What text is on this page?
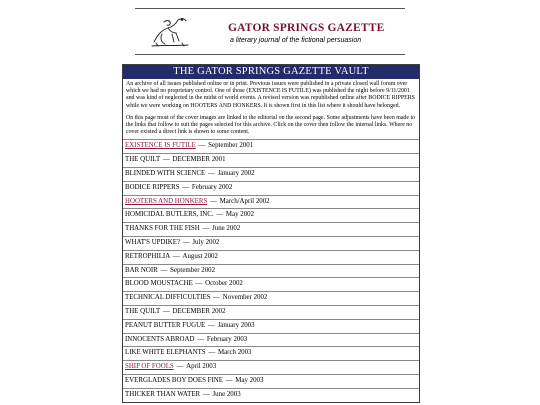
GATOR SPRINGS GAZETTE
a literary journal of the fictional persuasion
THE GATOR SPRINGS GAZETTE VAULT

An archive of all issues published online or in print. Previous issues were published in a private closed wall forum over which we had no proprietary control. One of those (EXISTENCE IS FUTILE) was published the night before 9/11/2001 and was kind of neglected in the midst of world events. A revised version was republished online after BODICE RIPPERS while we were working on HOOTERS AND HONKERS. It is shown first in this list where it should have belonged.

On this page most of the cover images are linked to the editorial on the second page. Some adjustments have been made to the links that follow to suit the pages selected for this archive. Click on the cover then follow the internal links. Where no cover existed a direct link is shown to some content.

EXISTENCE IS FUTILE — September 2001
THE QUILT — DECEMBER 2001
BLINDED WITH SCIENCE — January 2002
BODICE RIPPERS — February 2002
HOOTERS AND HONKERS — March/April 2002
HOMICIDAL BUTLERS, INC. — May 2002
THANKS FOR THE FISH — June 2002
WHAT'S UPDIKE? — July 2002
RETROPHILIA — August 2002
BAR NOIR — September 2002
BLOOD MOUSTACHE — October 2002
TECHNICAL DIFFICULTIES — November 2002
THE QUILT — DECEMBER 2002
PEANUT BUTTER FUGUE — January 2003
INNOCENTS ABROAD — February 2003
LIKE WHITE ELEPHANTS — March 2003
SHIP OF FOOLS — April 2003
EVERGLADES BOY DOES FINE — May 2003
THICKER THAN WATER — June 2003
